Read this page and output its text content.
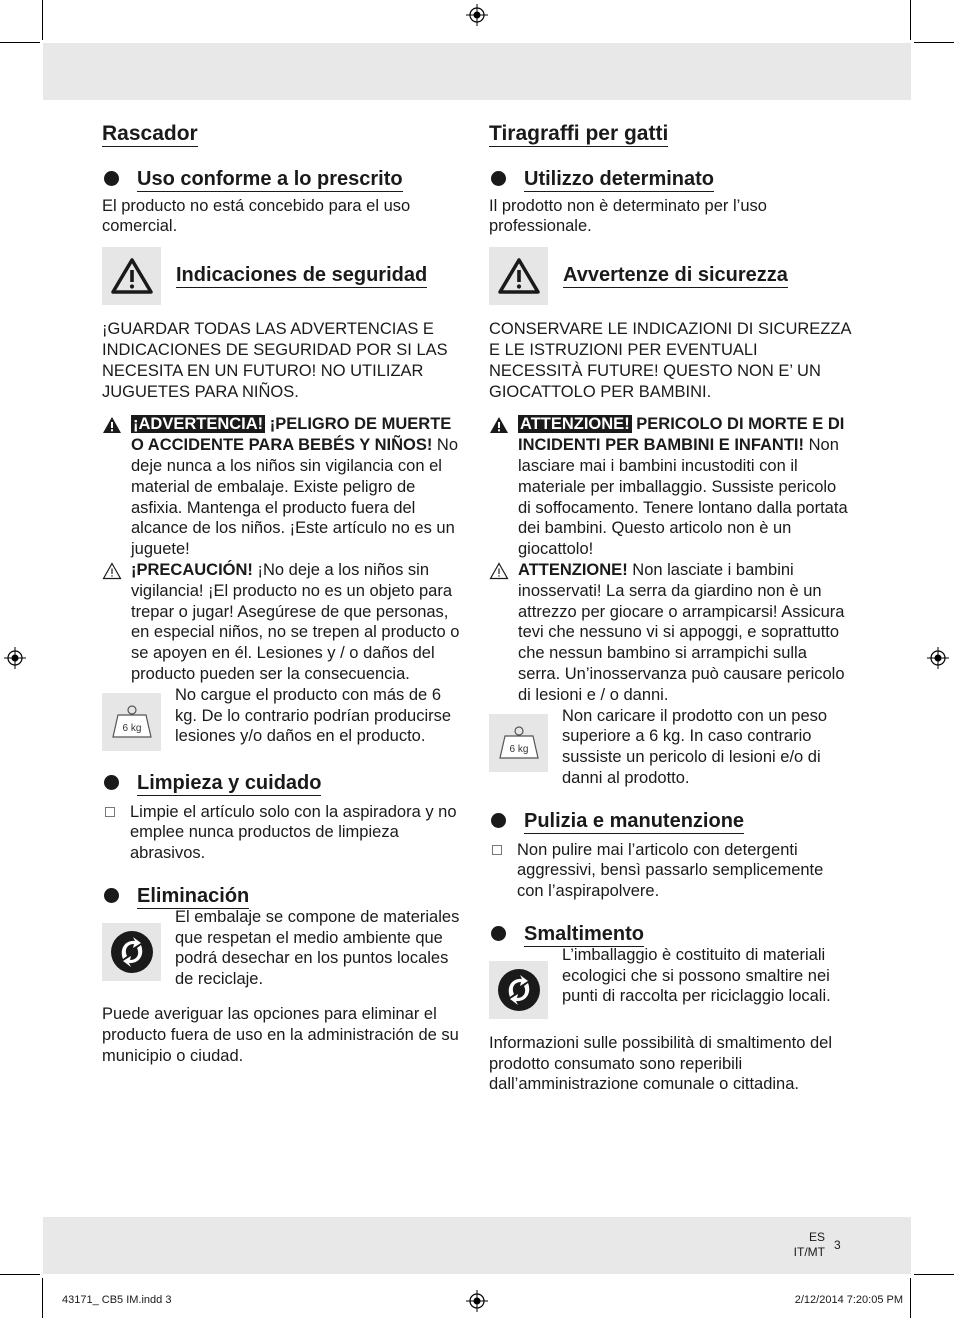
Rascador
Uso conforme a lo prescrito

El producto no está concebido para el uso comercial.

Indicaciones de seguridad

¡GUARDAR TODAS LAS ADVERTENCIAS E INDICACIONES DE SEGURIDAD POR SI LAS NECESITA EN UN FUTURO! NO UTILIZAR JUGUETES PARA NIÑOS.

¡ADVERTENCIA! ¡PELIGRO DE MUERTE O ACCIDENTE PARA BEBÉS Y NIÑOS! No deje nunca a los niños sin vigilancia con el material de embalaje. Existe peligro de asfixia. Mantenga el producto fuera del alcance de los niños. ¡Este artículo no es un juguete!

¡PRECAUCIÓN! ¡No deje a los niños sin vigilancia! ¡El producto no es un objeto para trepar o jugar! Asegúrese de que personas, en especial niños, no se trepen al producto o se apoyen en él. Lesiones y / o daños del producto pueden ser la consecuencia.

6 kg

No cargue el producto con más de 6 kg. De lo contrario podrían producirse lesiones y/o daños en el producto.

Limpieza y cuidado

Limpie el artículo solo con la aspiradora y no emplee nunca productos de limpieza abrasivos.

Eliminación

El embalaje se compone de materiales que respetan el medio ambiente que podrá desechar en los puntos locales de reciclaje.

Puede averiguar las opciones para eliminar el producto fuera de uso en la administración de su municipio o ciudad.

Tiragraffi per gatti
Utilizzo determinato

Il prodotto non è determinato per l’uso professionale.

Avvertenze di sicurezza

CONSERVARE LE INDICAZIONI DI SICUREZZA E LE ISTRUZIONI PER EVENTUALI NECESSITÀ FUTURE! QUESTO NON E’ UN GIOCATTOLO PER BAMBINI.

ATTENZIONE! PERICOLO DI MORTE E DI INCIDENTI PER BAMBINI E INFANTI! Non lasciare mai i bambini incustoditi con il materiale per imballaggio. Sussiste pericolo di soffocamento. Tenere lontano dalla portata dei bambini. Questo articolo non è un giocattolo!

ATTENZIONE! Non lasciate i bambini inosservati! La serra da giardino non è un attrezzo per giocare o arrampicarsi! Assicura tevi che nessuno vi si appoggi, e soprattutto che nessun bambino si arrampichi sulla serra. Un’inosservanza può causare pericolo di lesioni e / o danni.

6 kg

Non caricare il prodotto con un peso superiore a 6 kg. In caso contrario sussiste un pericolo di lesioni e/o di danni al prodotto.

Pulizia e manutenzione

Non pulire mai l’articolo con detergenti aggressivi, bensì passarlo semplicemente con l’aspirapolvere.

Smaltimento

L’imballaggio è costituito di materiali ecologici che si possono smaltire nei punti di raccolta per riciclaggio locali.

Informazioni sulle possibilità di smaltimento del prodotto consumato sono reperibili dall’amministrazione comunale o cittadina.

ES
IT/MT 3
43171_ CB5 IM.indd 3	2/12/2014 7:20:05 PM
